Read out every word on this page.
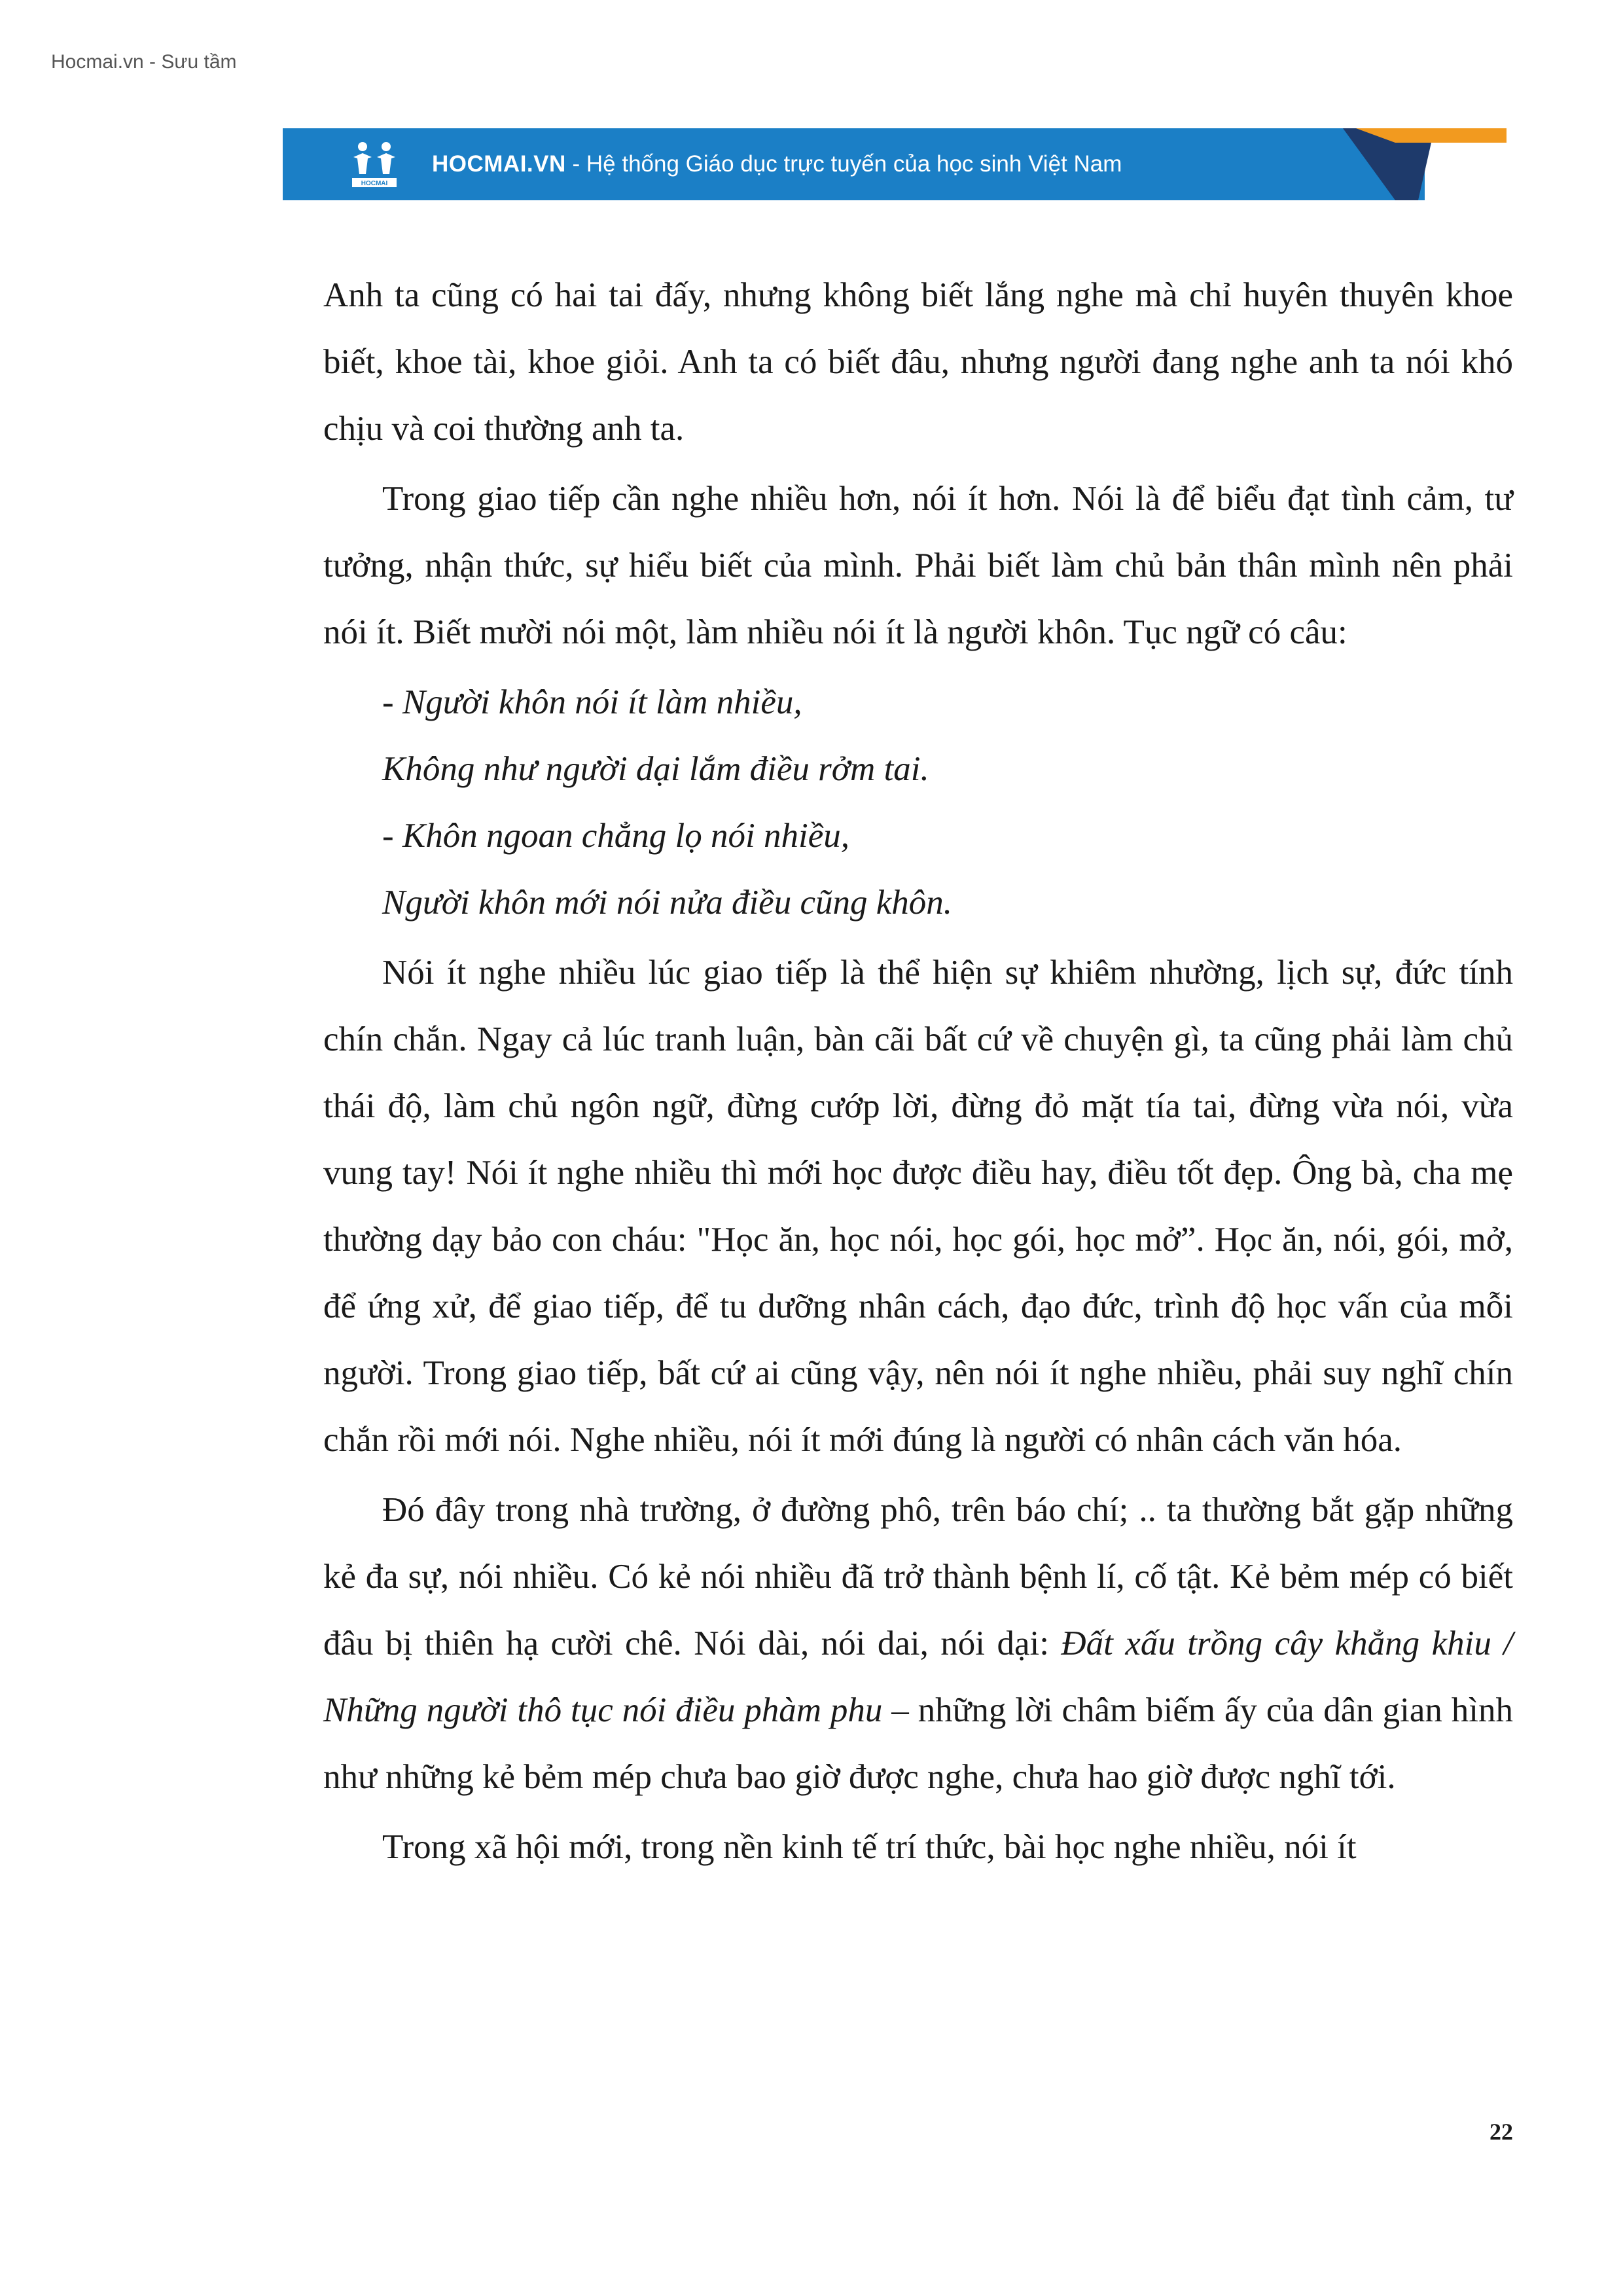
Hocmai.vn - Sưu tầm
HOCMAI
HOCMAI.VN - Hệ thống Giáo dục trực tuyến của học sinh Việt Nam

Anh ta cũng có hai tai đấy, nhưng không biết lắng nghe mà chỉ huyên thuyên khoe biết, khoe tài, khoe giỏi. Anh ta có biết đâu, nhưng người đang nghe anh ta nói khó chịu và coi thường anh ta.

Trong giao tiếp cần nghe nhiều hơn, nói ít hơn. Nói là để biểu đạt tình cảm, tư tưởng, nhận thức, sự hiểu biết của mình. Phải biết làm chủ bản thân mình nên phải nói ít. Biết mười nói một, làm nhiều nói ít là người khôn. Tục ngữ có câu:

- Người khôn nói ít làm nhiều,

Không như người dại lắm điều rởm tai.

- Khôn ngoan chẳng lọ nói nhiều,

Người khôn mới nói nửa điều cũng khôn.

Nói ít nghe nhiều lúc giao tiếp là thể hiện sự khiêm nhường, lịch sự, đức tính chín chắn. Ngay cả lúc tranh luận, bàn cãi bất cứ về chuyện gì, ta cũng phải làm chủ thái độ, làm chủ ngôn ngữ, đừng cướp lời, đừng đỏ mặt tía tai, đừng vừa nói, vừa vung tay! Nói ít nghe nhiều thì mới học được điều hay, điều tốt đẹp. Ông bà, cha mẹ thường dạy bảo con cháu: "Học ăn, học nói, học gói, học mở”. Học ăn, nói, gói, mở, để ứng xử, để giao tiếp, để tu dưỡng nhân cách, đạo đức, trình độ học vấn của mỗi người. Trong giao tiếp, bất cứ ai cũng vậy, nên nói ít nghe nhiều, phải suy nghĩ chín chắn rồi mới nói. Nghe nhiều, nói ít mới đúng là người có nhân cách văn hóa.

Đó đây trong nhà trường, ở đường phô, trên báo chí; .. ta thường bắt gặp những kẻ đa sự, nói nhiều. Có kẻ nói nhiều đã trở thành bệnh lí, cố tật. Kẻ bẻm mép có biết đâu bị thiên hạ cười chê. Nói dài, nói dai, nói dại: Đất xấu trồng cây khẳng khiu / Những người thô tục nói điều phàm phu – những lời châm biếm ấy của dân gian hình như những kẻ bẻm mép chưa bao giờ được nghe, chưa hao giờ được nghĩ tới.

Trong xã hội mới, trong nền kinh tế trí thức, bài học nghe nhiều, nói ít

22
